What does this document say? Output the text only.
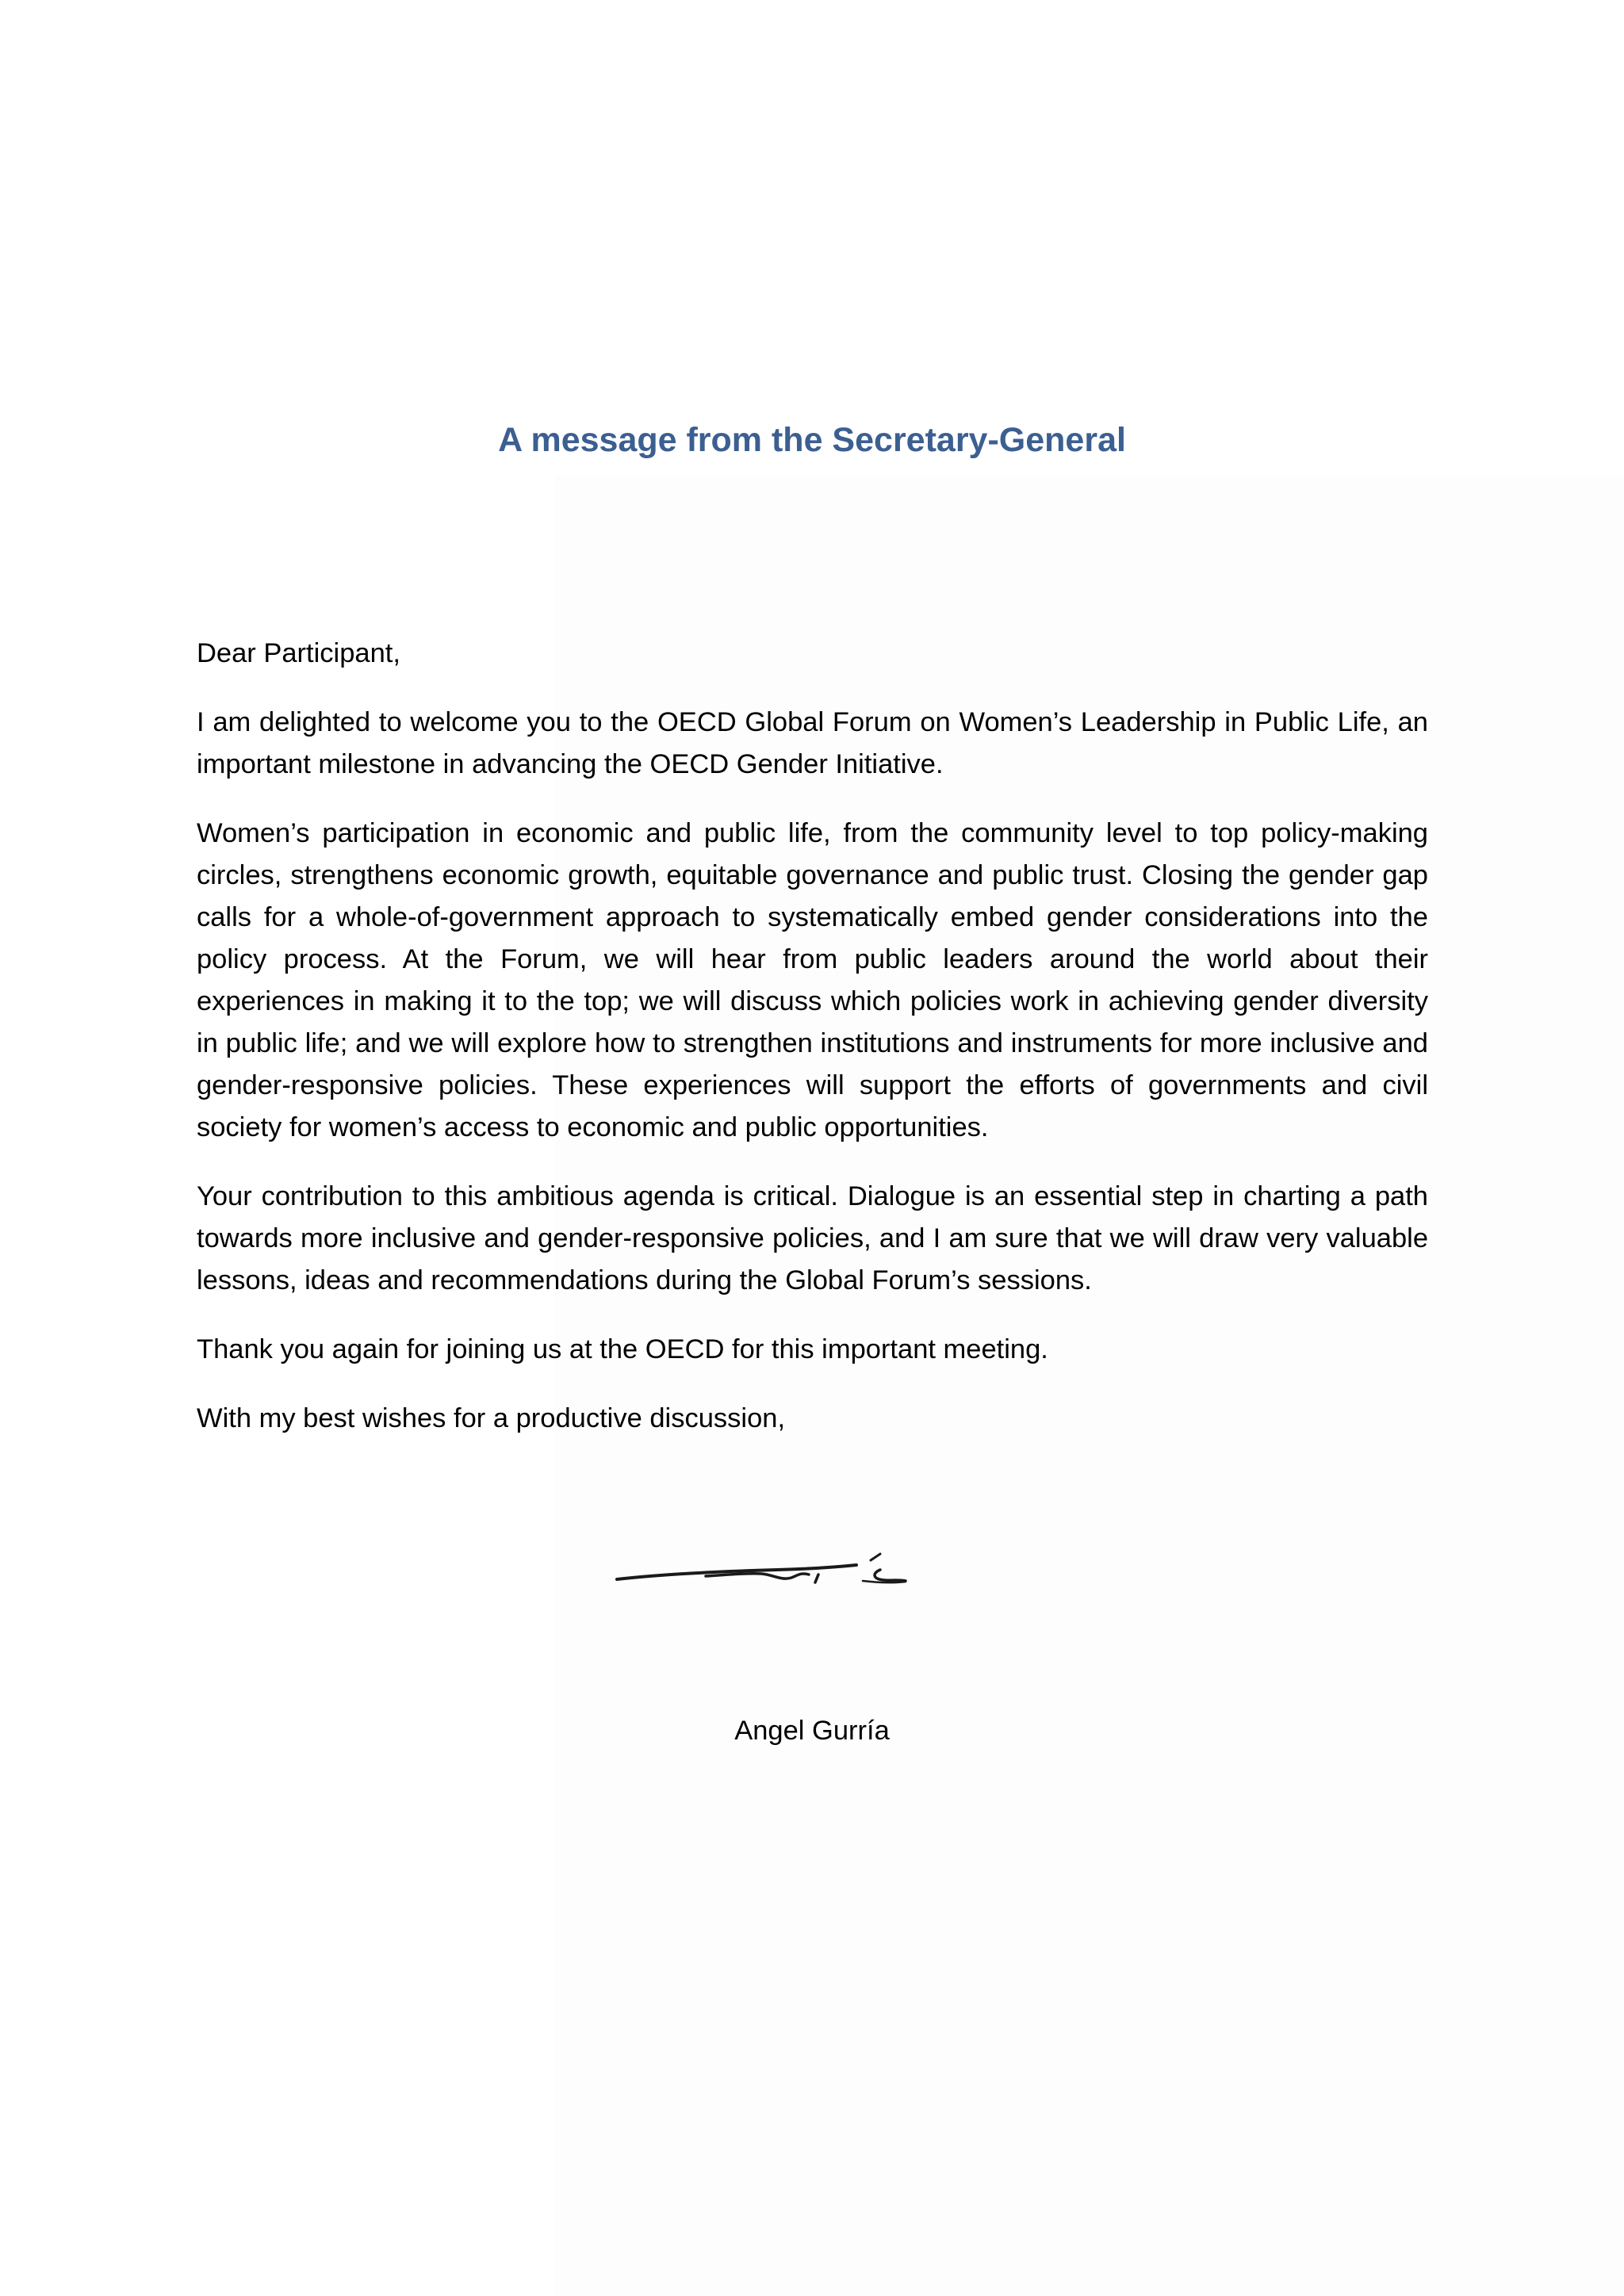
A message from the Secretary-General

Dear Participant,

I am delighted to welcome you to the OECD Global Forum on Women’s Leadership in Public Life, an important milestone in advancing the OECD Gender Initiative.

Women’s participation in economic and public life, from the community level to top policy-making circles, strengthens economic growth, equitable governance and public trust. Closing the gender gap calls for a whole-of-government approach to systematically embed gender considerations into the policy process. At the Forum, we will hear from public leaders around the world about their experiences in making it to the top; we will discuss which policies work in achieving gender diversity in public life; and we will explore how to strengthen institutions and instruments for more inclusive and gender-responsive policies. These experiences will support the efforts of governments and civil society for women’s access to economic and public opportunities.

Your contribution to this ambitious agenda is critical. Dialogue is an essential step in charting a path towards more inclusive and gender-responsive policies, and I am sure that we will draw very valuable lessons, ideas and recommendations during the Global Forum’s sessions.

Thank you again for joining us at the OECD for this important meeting.

With my best wishes for a productive discussion,

Angel Gurría
